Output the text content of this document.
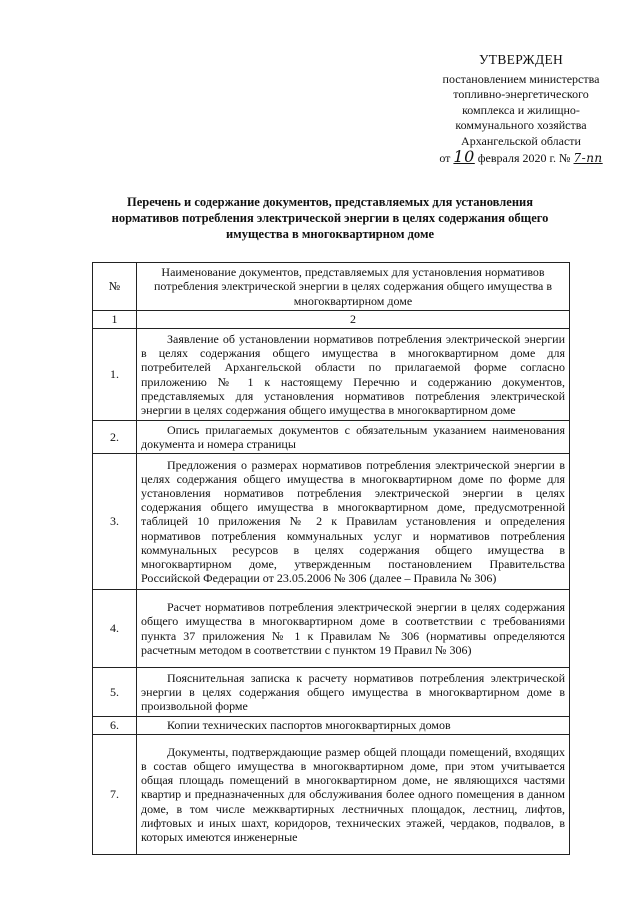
УТВЕРЖДЕН
постановлением министерства
топливно-энергетического
комплекса и жилищно-
коммунального хозяйства
Архангельской области
от 10 февраля 2020 г. № 7-пп
Перечень и содержание документов, представляемых для установления нормативов потребления электрической энергии в целях содержания общего имущества в многоквартирном доме
№	Наименование документов, представляемых для установления нормативов потребления электрической энергии в целях содержания общего имущества в многоквартирном доме
1	2
1.	Заявление об установлении нормативов потребления электрической энергии в целях содержания общего имущества в многоквартирном доме для потребителей Архангельской области по прилагаемой форме согласно приложению № 1 к настоящему Перечню и содержанию документов, представляемых для установления нормативов потребления электрической энергии в целях содержания общего имущества в многоквартирном доме

2.	Опись прилагаемых документов с обязательным указанием наименования документа и номера страницы

3.	Предложения о размерах нормативов потребления электрической энергии в целях содержания общего имущества в многоквартирном доме по форме для установления нормативов потребления электрической энергии в целях содержания общего имущества в многоквартирном доме, предусмотренной таблицей 10 приложения № 2 к Правилам установления и определения нормативов потребления коммунальных услуг и нормативов потребления коммунальных ресурсов в целях содержания общего имущества в многоквартирном доме, утвержденным постановлением Правительства Российской Федерации от 23.05.2006 № 306 (далее – Правила № 306)

4.	Расчет нормативов потребления электрической энергии в целях содержания общего имущества в многоквартирном доме в соответствии с требованиями пункта 37 приложения № 1 к Правилам № 306 (нормативы определяются расчетным методом в соответствии с пунктом 19 Правил № 306)

5.	Пояснительная записка к расчету нормативов потребления электрической энергии в целях содержания общего имущества в многоквартирном доме в произвольной форме

6.	Копии технических паспортов многоквартирных домов

7.	Документы, подтверждающие размер общей площади помещений, входящих в состав общего имущества в многоквартирном доме, при этом учитывается общая площадь помещений в многоквартирном доме, не являющихся частями квартир и предназначенных для обслуживания более одного помещения в данном доме, в том числе межквартирных лестничных площадок, лестниц, лифтов, лифтовых и иных шахт, коридоров, технических этажей, чердаков, подвалов, в которых имеются инженерные
